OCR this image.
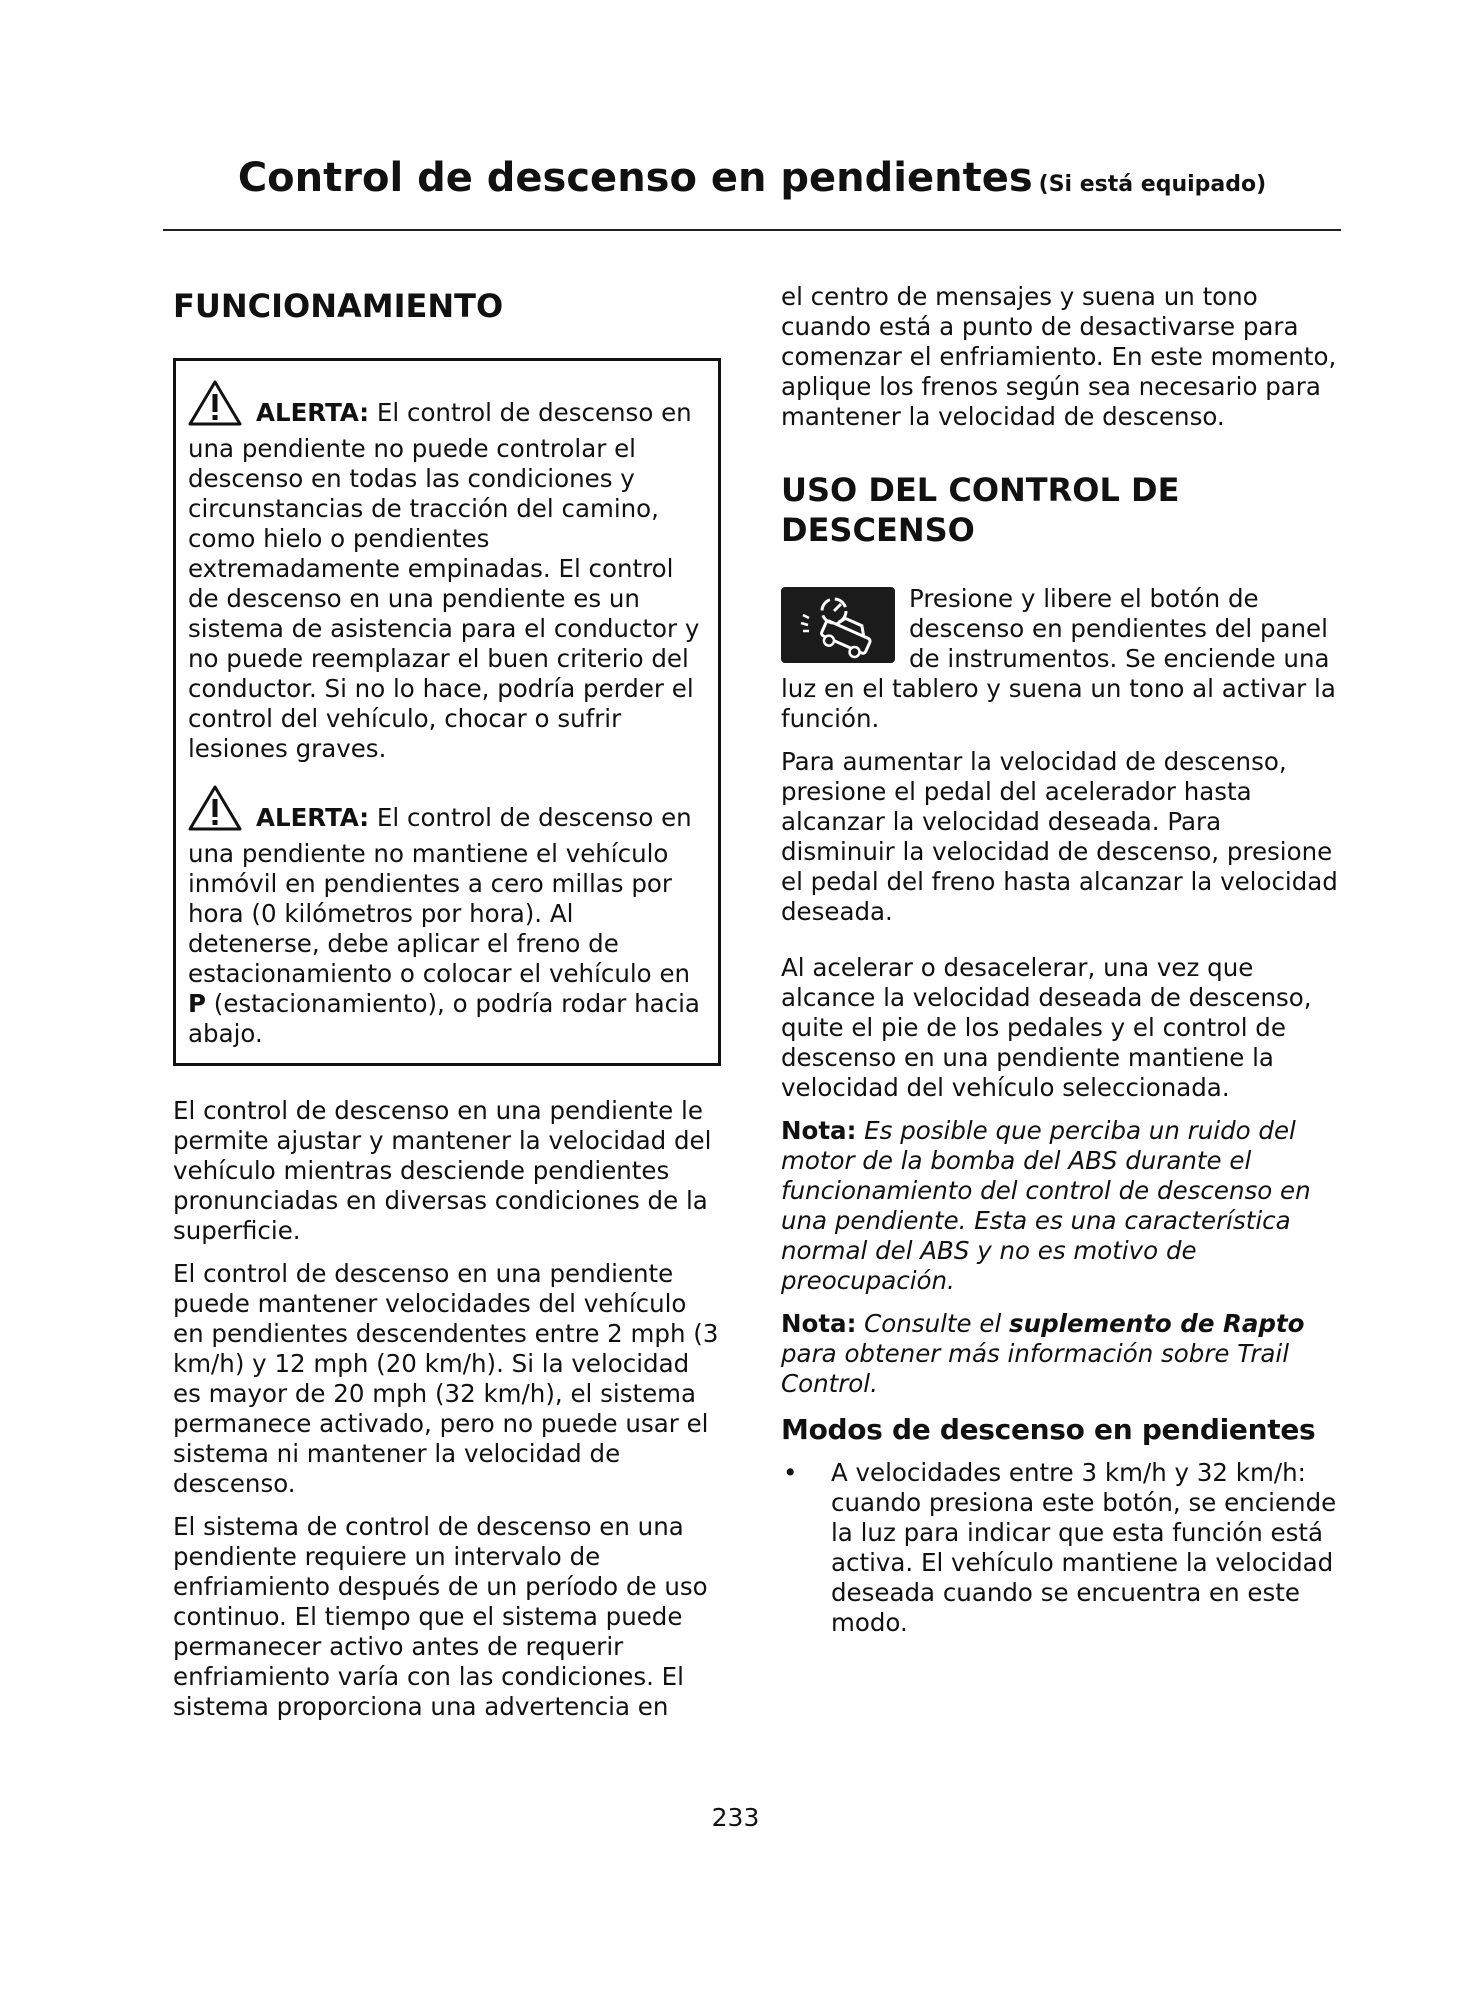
Control de descenso en pendientes (Si está equipado)
FUNCIONAMIENTO
ALERTA: El control de descenso en una pendiente no puede controlar el descenso en todas las condiciones y circunstancias de tracción del camino, como hielo o pendientes extremadamente empinadas. El control de descenso en una pendiente es un sistema de asistencia para el conductor y no puede reemplazar el buen criterio del conductor. Si no lo hace, podría perder el control del vehículo, chocar o sufrir lesiones graves.
ALERTA: El control de descenso en una pendiente no mantiene el vehículo inmóvil en pendientes a cero millas por hora (0 kilómetros por hora). Al detenerse, debe aplicar el freno de estacionamiento o colocar el vehículo en P (estacionamiento), o podría rodar hacia abajo.

El control de descenso en una pendiente le permite ajustar y mantener la velocidad del vehículo mientras desciende pendientes pronunciadas en diversas condiciones de la superficie.

El control de descenso en una pendiente puede mantener velocidades del vehículo en pendientes descendentes entre 2 mph (3 km/h) y 12 mph (20 km/h). Si la velocidad es mayor de 20 mph (32 km/h), el sistema permanece activado, pero no puede usar el sistema ni mantener la velocidad de descenso.

El sistema de control de descenso en una pendiente requiere un intervalo de enfriamiento después de un período de uso continuo. El tiempo que el sistema puede permanecer activo antes de requerir enfriamiento varía con las condiciones. El sistema proporciona una advertencia en

el centro de mensajes y suena un tono cuando está a punto de desactivarse para comenzar el enfriamiento. En este momento, aplique los frenos según sea necesario para mantener la velocidad de descenso.

USO DEL CONTROL DE DESCENSO

Presione y libere el botón de descenso en pendientes del panel de instrumentos. Se enciende una luz en el tablero y suena un tono al activar la función.

Para aumentar la velocidad de descenso, presione el pedal del acelerador hasta alcanzar la velocidad deseada. Para disminuir la velocidad de descenso, presione el pedal del freno hasta alcanzar la velocidad deseada.

Al acelerar o desacelerar, una vez que alcance la velocidad deseada de descenso, quite el pie de los pedales y el control de descenso en una pendiente mantiene la velocidad del vehículo seleccionada.

Nota: Es posible que perciba un ruido del motor de la bomba del ABS durante el funcionamiento del control de descenso en una pendiente. Esta es una característica normal del ABS y no es motivo de preocupación.

Nota: Consulte el suplemento de Rapto para obtener más información sobre Trail Control.

Modos de descenso en pendientes
•	A velocidades entre 3 km/h y 32 km/h: cuando presiona este botón, se enciende la luz para indicar que esta función está activa. El vehículo mantiene la velocidad deseada cuando se encuentra en este modo.
233
